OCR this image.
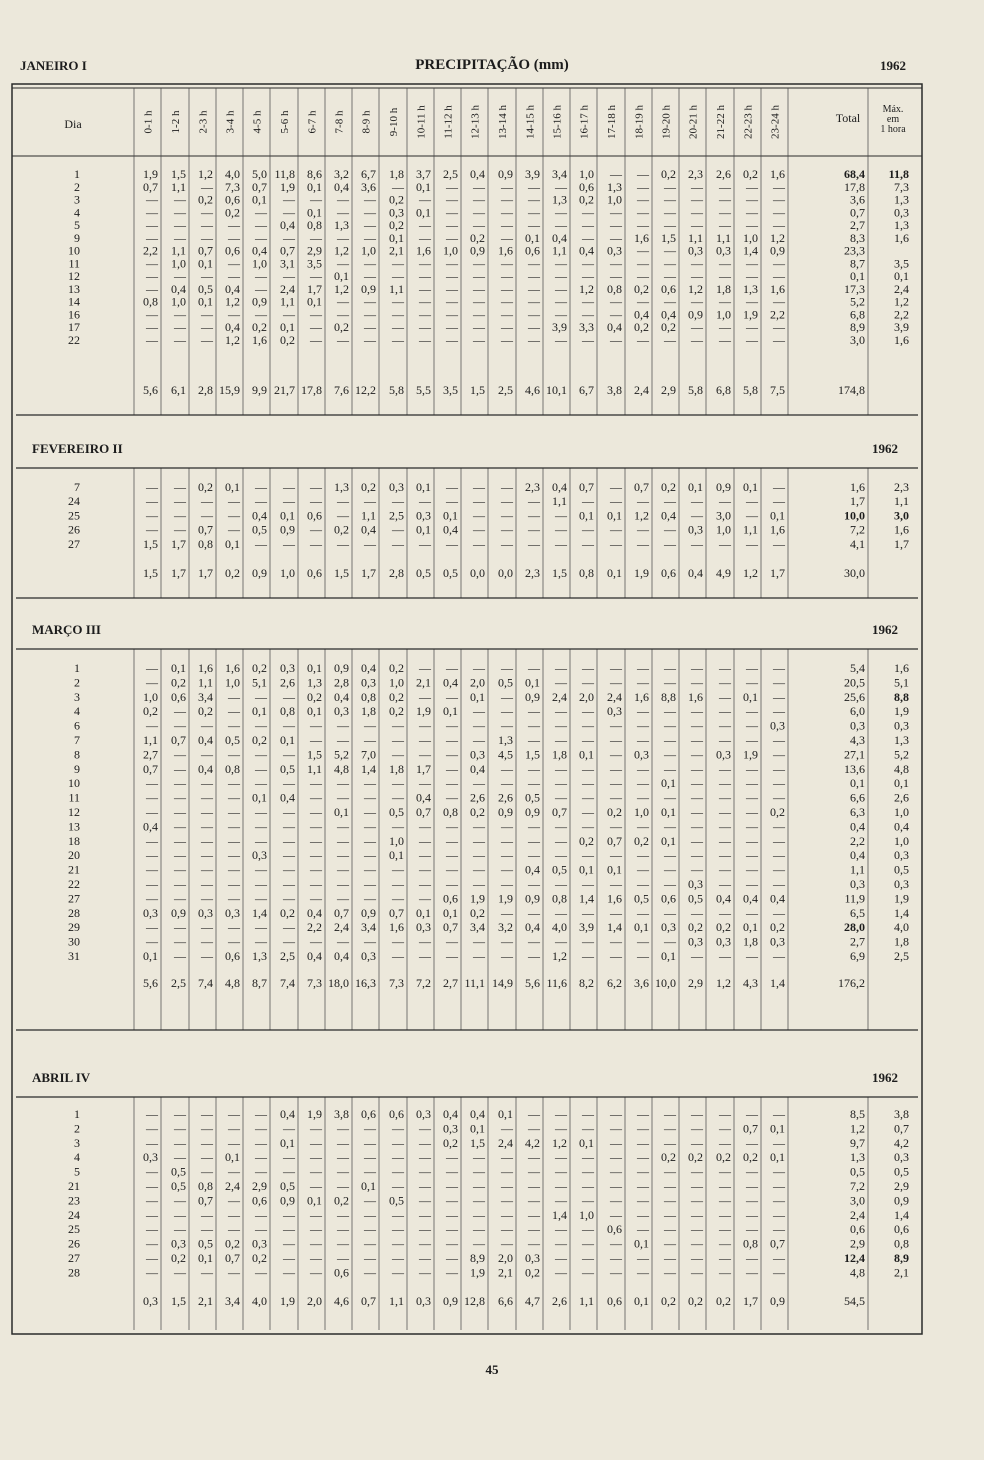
JANEIRO I	PRECIPITAÇÃO (mm)	1962
Dia	0-1 h 1-2 h 2-3 h 3-4 h 4-5 h 5-6 h 6-7 h 7-8 h 8-9 h 9-10 h 10-11 h 11-12 h 12-13 h 13-14 h 14-15 h 15-16 h 16-17 h 17-18 h 18-19 h 19-20 h 20-21 h 21-22 h 22-23 h 23-24 h	Total
Máx.
em
1 hora
1	1,9 1,5 1,2 4,0 5,0 11,8 8,6 3,2 6,7 1,8 3,7 2,5 0,4 0,9 3,9 3,4 1,0 — — 0,2 2,3 2,6 0,2 1,6	68,4 11,8
2	0,7 1,1 — 7,3 0,7 1,9 0,1 0,4 3,6 — 0,1 — — — — — 0,6 1,3 — — — — — —	17,8 7,3
3	— — 0,2 0,6 0,1 — — — — 0,2 — — — — — 1,3 0,2 1,0 — — — — — —	3,6 1,3
4	— — — 0,2 — — 0,1 — — 0,3 0,1 — — — — — — — — — — — — —	0,7 0,3
5	— — — — — 0,4 0,8 1,3 — 0,2 — — — — — — — — — — — — — —	2,7 1,3
9	— — — — — — — — — 0,1 — — 0,2 — 0,1 0,4 — — 1,6 1,5 1,1 1,1 1,0 1,2	8,3 1,6
10	2,2 1,1 0,7 0,6 0,4 0,7 2,9 1,2 1,0 2,1 1,6 1,0 0,9 1,6 0,6 1,1 0,4 0,3 — — 0,3 0,3 1,4 0,9	23,3
11	— 1,0 0,1 — 1,0 3,1 3,5 — — — — — — — — — — — — — — — — —	8,7 3,5
12	— — — — — — — 0,1 — — — — — — — — — — — — — — — —	0,1 0,1
13	— 0,4 0,5 0,4 — 2,4 1,7 1,2 0,9 1,1 — — — — — — 1,2 0,8 0,2 0,6 1,2 1,8 1,3 1,6	17,3 2,4
14	0,8 1,0 0,1 1,2 0,9 1,1 0,1 — — — — — — — — — — — — — — — — —	5,2 1,2
16	— — — — — — — — — — — — — — — — — — 0,4 0,4 0,9 1,0 1,9 2,2	6,8 2,2
17	— — — 0,4 0,2 0,1 — 0,2 — — — — — — — 3,9 3,3 0,4 0,2 0,2 — — — —	8,9 3,9
22	— — — 1,2 1,6 0,2 — — — — — — — — — — — — — — — — — —	3,0 1,6
5,6 6,1 2,8 15,9 9,9 21,7 17,8 7,6 12,2 5,8 5,5 3,5 1,5 2,5 4,6 10,1 6,7 3,8 2,4 2,9 5,8 6,8 5,8 7,5	174,8
FEVEREIRO II	1962
7	— — 0,2 0,1 — — — 1,3 0,2 0,3 0,1 — — — 2,3 0,4 0,7 — 0,7 0,2 0,1 0,9 0,1 —	1,6 2,3
24	— — — — — — — — — — — — — — — 1,1 — — — — — — — —	1,7 1,1
25	— — — — 0,4 0,1 0,6 — 1,1 2,5 0,3 0,1 — — — — 0,1 0,1 1,2 0,4 — 3,0 — 0,1	10,0 3,0
26	— — 0,7 — 0,5 0,9 — 0,2 0,4 — 0,1 0,4 — — — — — — — — 0,3 1,0 1,1 1,6	7,2 1,6
27	1,5 1,7 0,8 0,1 — — — — — — — — — — — — — — — — — — — —	4,1 1,7
1,5 1,7 1,7 0,2 0,9 1,0 0,6 1,5 1,7 2,8 0,5 0,5 0,0 0,0 2,3 1,5 0,8 0,1 1,9 0,6 0,4 4,9 1,2 1,7	30,0
MARÇO III	1962
1	— 0,1 1,6 1,6 0,2 0,3 0,1 0,9 0,4 0,2 — — — — — — — — — — — — — —	5,4 1,6
2	— 0,2 1,1 1,0 5,1 2,6 1,3 2,8 0,3 1,0 2,1 0,4 2,0 0,5 0,1 — — — — — — — — —	20,5 5,1
3	1,0 0,6 3,4 — — — 0,2 0,4 0,8 0,2 — — 0,1 — 0,9 2,4 2,0 2,4 1,6 8,8 1,6 — 0,1 —	25,6 8,8
4	0,2 — 0,2 — 0,1 0,8 0,1 0,3 1,8 0,2 1,9 0,1 — — — — — 0,3 — — — — — —	6,0 1,9
6	— — — — — — — — — — — — — — — — — — — — — — — 0,3	0,3 0,3
7	1,1 0,7 0,4 0,5 0,2 0,1 — — — — — — — 1,3 — — — — — — — — — —	4,3 1,3
8	2,7 — — — — — 1,5 5,2 7,0 — — — 0,3 4,5 1,5 1,8 0,1 — 0,3 — — 0,3 1,9 —	27,1 5,2
9	0,7 — 0,4 0,8 — 0,5 1,1 4,8 1,4 1,8 1,7 — 0,4 — — — — — — — — — — —	13,6 4,8
10	— — — — — — — — — — — — — — — — — — — 0,1 — — — —	0,1 0,1
11	— — — — 0,1 0,4 — — — — 0,4 — 2,6 2,6 0,5 — — — — — — — — —	6,6 2,6
12	— — — — — — — 0,1 — 0,5 0,7 0,8 0,2 0,9 0,9 0,7 — 0,2 1,0 0,1 — — — 0,2	6,3 1,0
13	0,4 — — — — — — — — — — — — — — — — — — — — — — —	0,4 0,4
18	— — — — — — — — — 1,0 — — — — — — 0,2 0,7 0,2 0,1 — — — —	2,2 1,0
20	— — — — 0,3 — — — — 0,1 — — — — — — — — — — — — — —	0,4 0,3
21	— — — — — — — — — — — — — — 0,4 0,5 0,1 0,1 — — — — — —	1,1 0,5
22	— — — — — — — — — — — — — — — — — — — — 0,3 — — —	0,3 0,3
27	— — — — — — — — — — — 0,6 1,9 1,9 0,9 0,8 1,4 1,6 0,5 0,6 0,5 0,4 0,4 0,4	11,9 1,9
28	0,3 0,9 0,3 0,3 1,4 0,2 0,4 0,7 0,9 0,7 0,1 0,1 0,2 — — — — — — — — — — —	6,5 1,4
29	— — — — — — 2,2 2,4 3,4 1,6 0,3 0,7 3,4 3,2 0,4 4,0 3,9 1,4 0,1 0,3 0,2 0,2 0,1 0,2	28,0 4,0
30	— — — — — — — — — — — — — — — — — — — — 0,3 0,3 1,8 0,3	2,7 1,8
31	0,1 — — 0,6 1,3 2,5 0,4 0,4 0,3 — — — — — — 1,2 — — — 0,1 — — — —	6,9 2,5
5,6 2,5 7,4 4,8 8,7 7,4 7,3 18,0 16,3 7,3 7,2 2,7 11,1 14,9 5,6 11,6 8,2 6,2 3,6 10,0 2,9 1,2 4,3 1,4	176,2
ABRIL IV	1962
1	— — — — — 0,4 1,9 3,8 0,6 0,6 0,3 0,4 0,4 0,1 — — — — — — — — — —	8,5 3,8
2	— — — — — — — — — — — 0,3 0,1 — — — — — — — — — 0,7 0,1	1,2 0,7
3	— — — — — 0,1 — — — — — 0,2 1,5 2,4 4,2 1,2 0,1 — — — — — — —	9,7 4,2
4	0,3 — — 0,1 — — — — — — — — — — — — — — — 0,2 0,2 0,2 0,2 0,1	1,3 0,3
5	— 0,5 — — — — — — — — — — — — — — — — — — — — — —	0,5 0,5
21	— 0,5 0,8 2,4 2,9 0,5 — — 0,1 — — — — — — — — — — — — — — —	7,2 2,9
23	— — 0,7 — 0,6 0,9 0,1 0,2 — 0,5 — — — — — — — — — — — — — —	3,0 0,9
24	— — — — — — — — — — — — — — — 1,4 1,0 — — — — — — —	2,4 1,4
25	— — — — — — — — — — — — — — — — — 0,6 — — — — — —	0,6 0,6
26	— 0,3 0,5 0,2 0,3 — — — — — — — — — — — — — 0,1 — — — 0,8 0,7	2,9 0,8
27	— 0,2 0,1 0,7 0,2 — — — — — — — 8,9 2,0 0,3 — — — — — — — — —	12,4 8,9
28	— — — — — — — 0,6 — — — — 1,9 2,1 0,2 — — — — — — — — —	4,8 2,1
0,3 1,5 2,1 3,4 4,0 1,9 2,0 4,6 0,7 1,1 0,3 0,9 12,8 6,6 4,7 2,6 1,1 0,6 0,1 0,2 0,2 0,2 1,7 0,9	54,5
45
